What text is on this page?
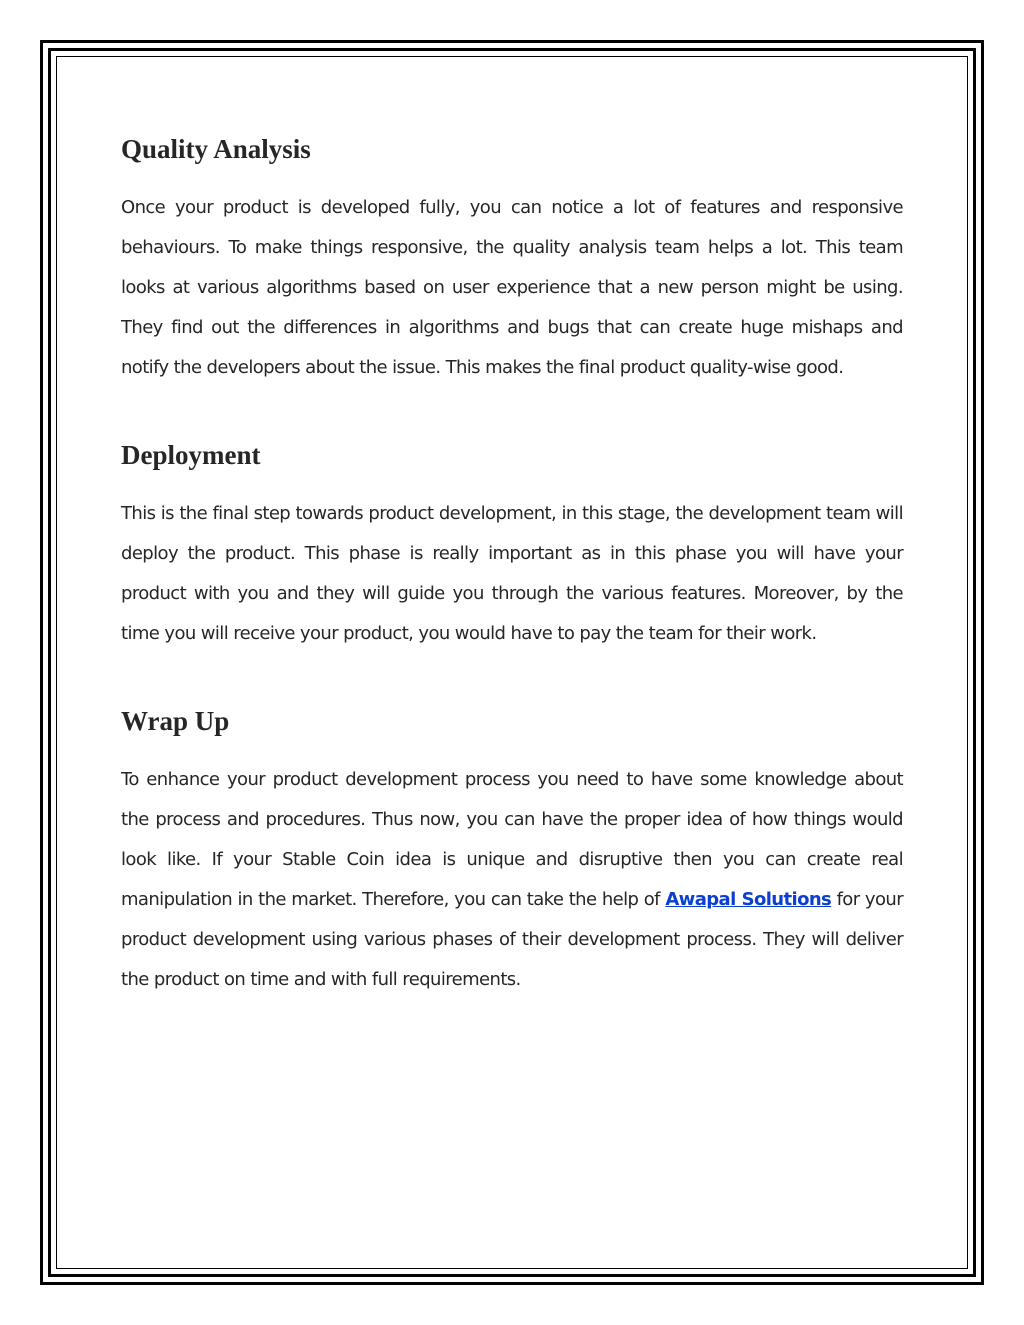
Quality Analysis

Once your product is developed fully, you can notice a lot of features and responsive behaviours. To make things responsive, the quality analysis team helps a lot. This team looks at various algorithms based on user experience that a new person might be using. They find out the differences in algorithms and bugs that can create huge mishaps and notify the developers about the issue. This makes the final product quality-wise good.

Deployment

This is the final step towards product development, in this stage, the development team will deploy the product. This phase is really important as in this phase you will have your product with you and they will guide you through the various features. Moreover, by the time you will receive your product, you would have to pay the team for their work.

Wrap Up

To enhance your product development process you need to have some knowledge about the process and procedures. Thus now, you can have the proper idea of how things would look like. If your Stable Coin idea is unique and disruptive then you can create real manipulation in the market. Therefore, you can take the help of Awapal Solutions for your product development using various phases of their development process. They will deliver the product on time and with full requirements.
